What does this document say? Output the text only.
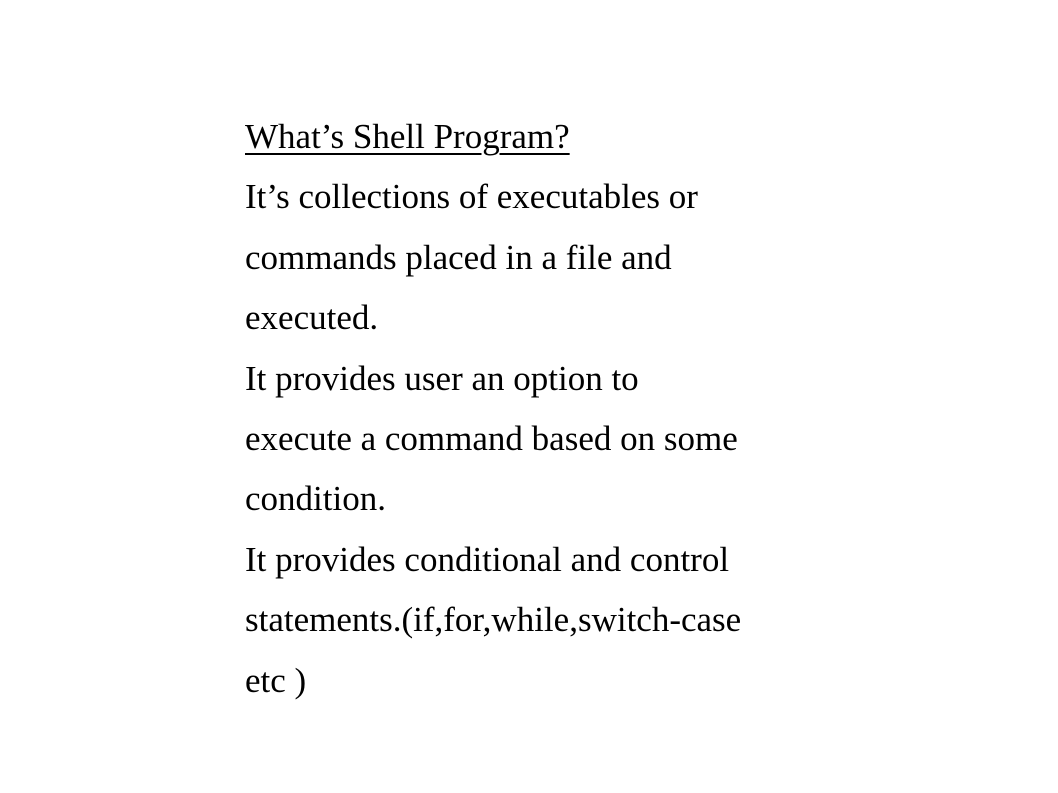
What’s Shell Program?
It’s collections of executables or
commands placed in a file and
executed.
It provides user an option to
execute a command based on some
condition.
It provides conditional and control
statements.(if,for,while,switch-case
etc )
